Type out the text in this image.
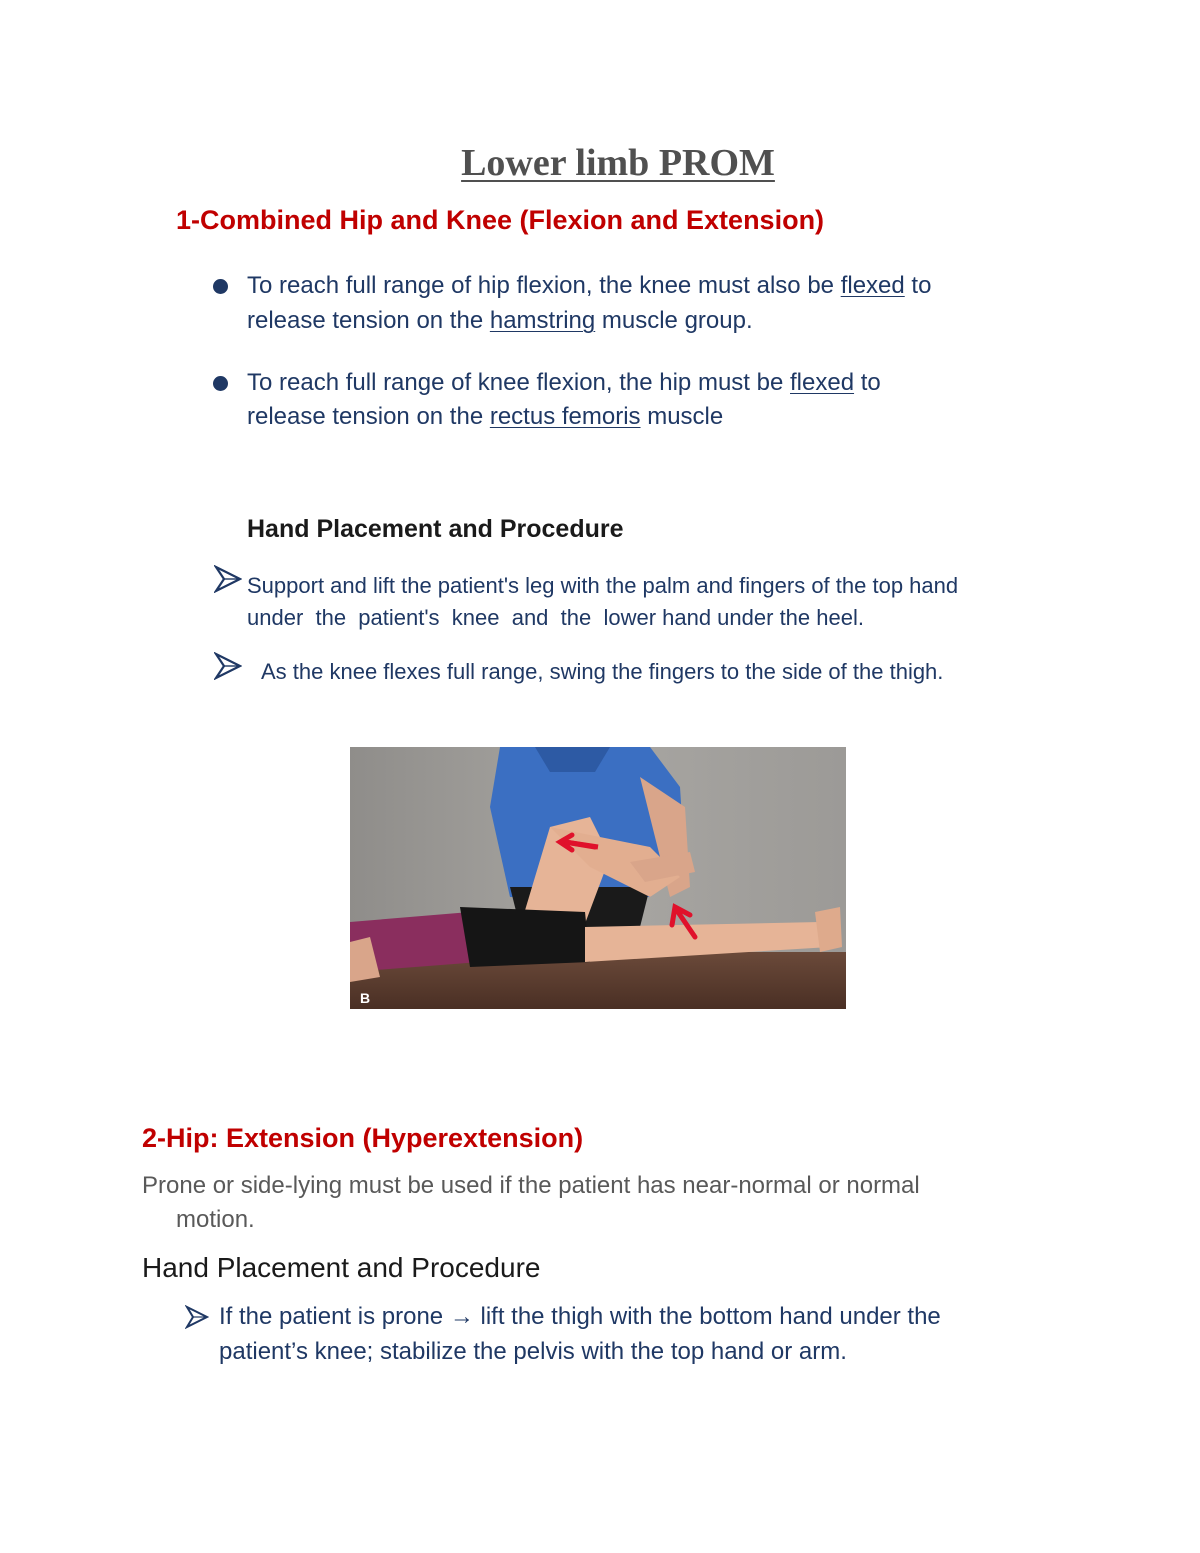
Lower limb PROM
1-Combined Hip and Knee (Flexion and Extension)
To reach full range of hip flexion, the knee must also be flexed to
release tension on the hamstring muscle group.
To reach full range of knee flexion, the hip must be flexed to
release tension on the rectus femoris muscle
Hand Placement and Procedure
Support and lift the patient's leg with the palm and fingers of the top hand
under  the  patient's  knee  and  the  lower hand under the heel.
As the knee flexes full range, swing the fingers to the side of the thigh.
B
2-Hip: Extension (Hyperextension)
Prone or side-lying must be used if the patient has near-normal or normal
motion.
Hand Placement and Procedure
If the patient is prone → lift the thigh with the bottom hand under the
patient’s knee; stabilize the pelvis with the top hand or arm.
